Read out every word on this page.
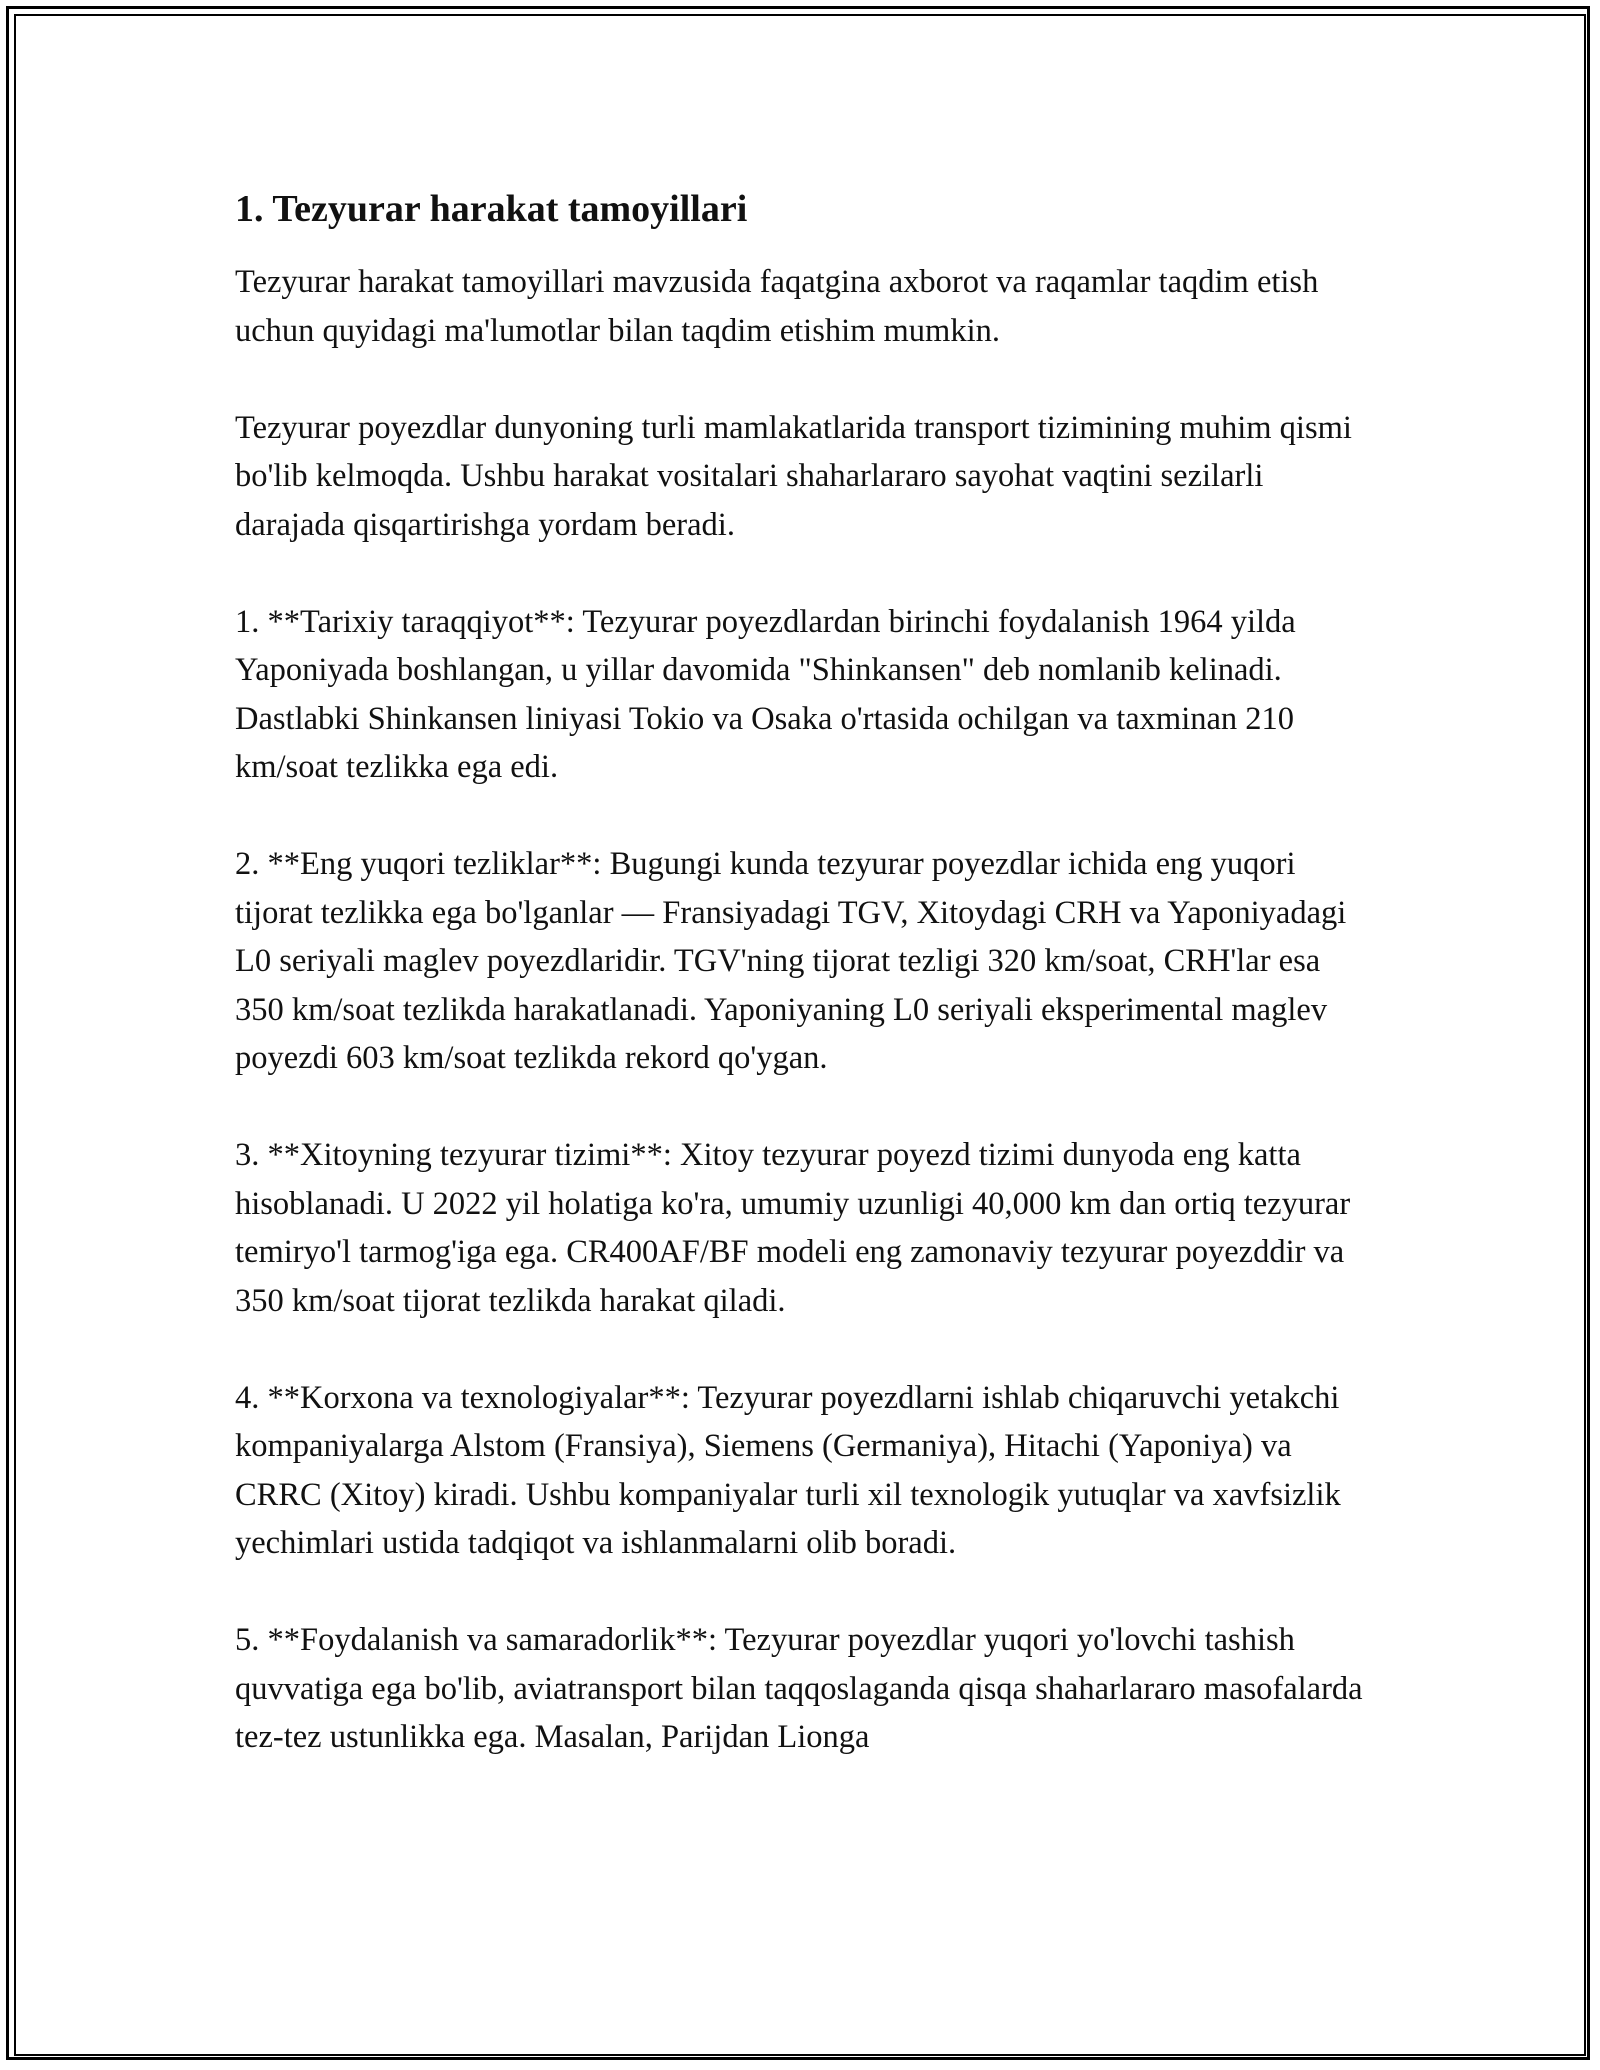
1. Tezyurar harakat tamoyillari

Tezyurar harakat tamoyillari mavzusida faqatgina axborot va raqamlar taqdim etish uchun quyidagi ma'lumotlar bilan taqdim etishim mumkin.

Tezyurar poyezdlar dunyoning turli mamlakatlarida transport tizimining muhim qismi bo'lib kelmoqda. Ushbu harakat vositalari shaharlararo sayohat vaqtini sezilarli darajada qisqartirishga yordam beradi.

1. **Tarixiy taraqqiyot**: Tezyurar poyezdlardan birinchi foydalanish 1964 yilda Yaponiyada boshlangan, u yillar davomida "Shinkansen" deb nomlanib kelinadi. Dastlabki Shinkansen liniyasi Tokio va Osaka o'rtasida ochilgan va taxminan 210 km/soat tezlikka ega edi.

2. **Eng yuqori tezliklar**: Bugungi kunda tezyurar poyezdlar ichida eng yuqori tijorat tezlikka ega bo'lganlar — Fransiyadagi TGV, Xitoydagi CRH va Yaponiyadagi L0 seriyali maglev poyezdlaridir. TGV'ning tijorat tezligi 320 km/soat, CRH'lar esa 350 km/soat tezlikda harakatlanadi. Yaponiyaning L0 seriyali eksperimental maglev poyezdi 603 km/soat tezlikda rekord qo'ygan.

3. **Xitoyning tezyurar tizimi**: Xitoy tezyurar poyezd tizimi dunyoda eng katta hisoblanadi. U 2022 yil holatiga ko'ra, umumiy uzunligi 40,000 km dan ortiq tezyurar temiryo'l tarmog'iga ega. CR400AF/BF modeli eng zamonaviy tezyurar poyezddir va 350 km/soat tijorat tezlikda harakat qiladi.

4. **Korxona va texnologiyalar**: Tezyurar poyezdlarni ishlab chiqaruvchi yetakchi kompaniyalarga Alstom (Fransiya), Siemens (Germaniya), Hitachi (Yaponiya) va CRRC (Xitoy) kiradi. Ushbu kompaniyalar turli xil texnologik yutuqlar va xavfsizlik yechimlari ustida tadqiqot va ishlanmalarni olib boradi.

5. **Foydalanish va samaradorlik**: Tezyurar poyezdlar yuqori yo'lovchi tashish quvvatiga ega bo'lib, aviatransport bilan taqqoslaganda qisqa shaharlararo masofalarda tez-tez ustunlikka ega. Masalan, Parijdan Lionga
